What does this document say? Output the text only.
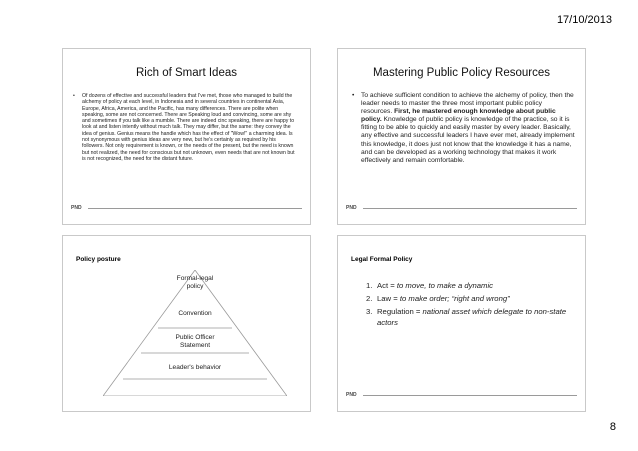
17/10/2013
Rich of Smart Ideas
• Of dozens of effective and successful leaders that I've met, those who managed to build the alchemy of policy at each level, in Indonesia and in several countries in continental Asia, Europe, Africa, America, and the Pacific, has many differences. There are polite when speaking, some are not concerned. There are Speaking loud and convincing, some are shy and sometimes if you talk like a mumble. There are indeed cinc speaking, there are happy to look at and listen intently without much talk. They may differ, but the same: they convey the idea of genius. Genius means the handle which has the effect of "Wow!" a charming idea. Is not synonymous with genius ideas are very new, but he's certainly as required by his followers. Not only requirement is known, or the needs of the present, but the need is known but not realized, the need for conscious but not unknown, even needs that are not known but is not recognized, the need for the distant future.
PND
Mastering Public Policy Resources
• To achieve sufficient condition to achieve the alchemy of policy, then the leader needs to master the three most important public policy resources. First, he mastered enough knowledge about public policy. Knowledge of public policy is knowledge of the practice, so it is fitting to be able to quickly and easily master by every leader. Basically, any effective and successful leaders I have ever met, already implement this knowledge, it does just not know that the knowledge it has a name, and can be developed as a working technology that makes it work effectively and remain comfortable.
PND
Policy posture
Formal-legal policy
Convention
Public Officer Statement
Leader's behavior
Legal Formal Policy
1. Act = to move, to make a dynamic
2. Law = to make order; “right and wrong”
3. Regulation = national asset which delegate to non-state actors
PND
8
